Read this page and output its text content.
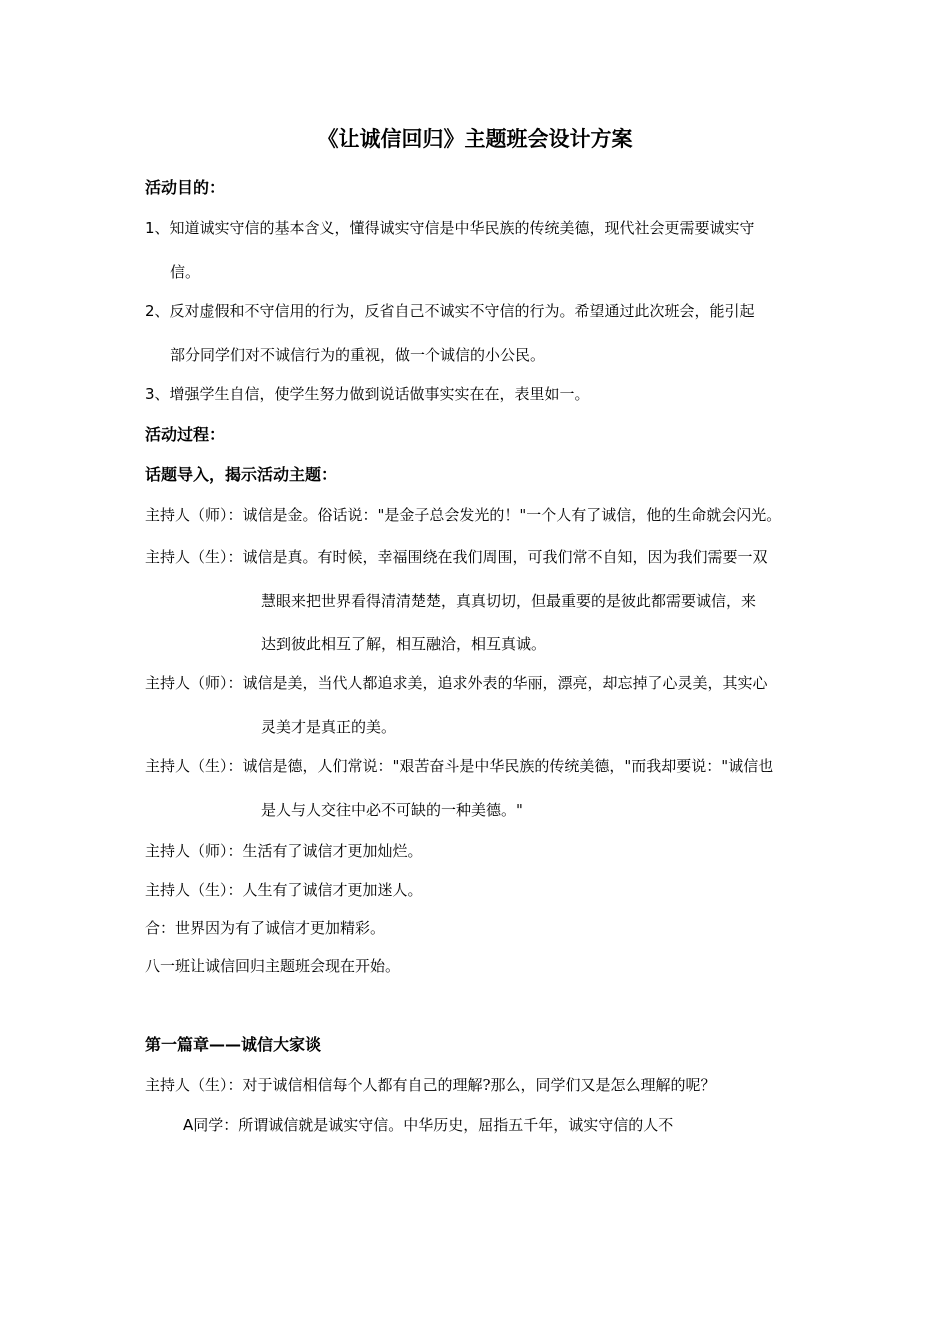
《让诚信回归》主题班会设计方案
活动目的：
1、知道诚实守信的基本含义，懂得诚实守信是中华民族的传统美德，现代社会更需要诚实守
信。
2、反对虚假和不守信用的行为，反省自己不诚实不守信的行为。希望通过此次班会，能引起
部分同学们对不诚信行为的重视，做一个诚信的小公民。
3、增强学生自信，使学生努力做到说话做事实实在在，表里如一。
活动过程：
话题导入，揭示活动主题：
主持人（师）：诚信是金。俗话说："是金子总会发光的！"一个人有了诚信，他的生命就会闪光。
主持人（生）：诚信是真。有时候，幸福围绕在我们周围，可我们常不自知，因为我们需要一双
慧眼来把世界看得清清楚楚，真真切切，但最重要的是彼此都需要诚信，来
达到彼此相互了解，相互融洽，相互真诚。
主持人（师）：诚信是美，当代人都追求美，追求外表的华丽，漂亮，却忘掉了心灵美，其实心
灵美才是真正的美。
主持人（生）：诚信是德，人们常说："艰苦奋斗是中华民族的传统美德，"而我却要说："诚信也
是人与人交往中必不可缺的一种美德。"
主持人（师）：生活有了诚信才更加灿烂。
主持人（生）：人生有了诚信才更加迷人。
合：世界因为有了诚信才更加精彩。
八一班让诚信回归主题班会现在开始。
第一篇章——诚信大家谈
主持人（生）：对于诚信相信每个人都有自己的理解?那么，同学们又是怎么理解的呢？
A同学：所谓诚信就是诚实守信。中华历史，屈指五千年，诚实守信的人不
